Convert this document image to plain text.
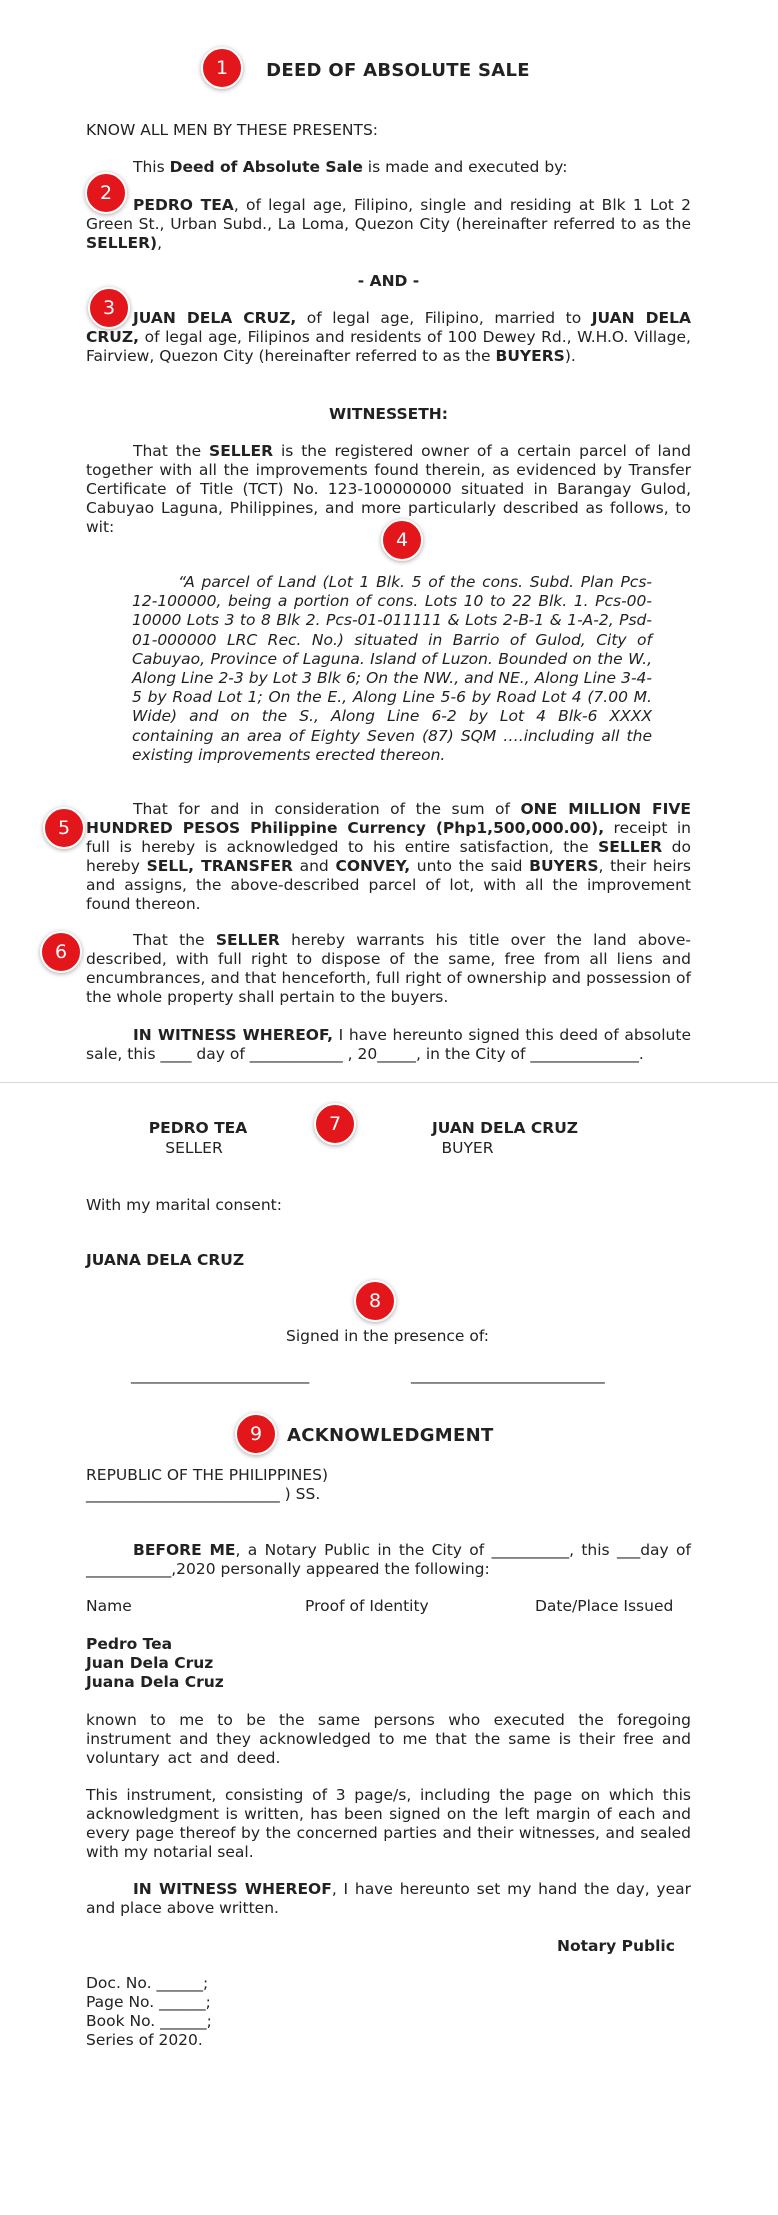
DEED OF ABSOLUTE SALE
1
KNOW ALL MEN BY THESE PRESENTS:
This Deed of Absolute Sale is made and executed by:
2
PEDRO TEA, of legal age, Filipino, single and residing at Blk 1 Lot 2 Green St., Urban Subd., La Loma, Quezon City (hereinafter referred to as the SELLER),
- AND -
3	JUAN DELA CRUZ, of legal age, Filipino, married to JUAN DELA CRUZ, of legal age, Filipinos and residents of 100 Dewey Rd., W.H.O. Village, Fairview, Quezon City (hereinafter referred to as the BUYERS).
WITNESSETH:
That the SELLER is the registered owner of a certain parcel of land together with all the improvements found therein, as evidenced by Transfer Certificate of Title (TCT) No. 123-100000000 situated in Barangay Gulod, Cabuyao Laguna, Philippines, and more particularly described as follows, to wit:
4
“A parcel of Land (Lot 1 Blk. 5 of the cons. Subd. Plan Pcs-12-100000, being a portion of cons. Lots 10 to 22 Blk. 1. Pcs-00-10000 Lots 3 to 8 Blk 2. Pcs-01-011111 & Lots 2-B-1 & 1-A-2, Psd-01-000000 LRC Rec. No.) situated in Barrio of Gulod, City of Cabuyao, Province of Laguna. Island of Luzon. Bounded on the W., Along Line 2-3 by Lot 3 Blk 6; On the NW., and NE., Along Line 3-4-5 by Road Lot 1; On the E., Along Line 5-6 by Road Lot 4 (7.00 M. Wide) and on the S., Along Line 6-2 by Lot 4 Blk-6 XXXX containing an area of Eighty Seven (87) SQM ….including all the existing improvements erected thereon.
5
That for and in consideration of the sum of ONE MILLION FIVE HUNDRED PESOS Philippine Currency (Php1,500,000.00), receipt in full is hereby is acknowledged to his entire satisfaction, the SELLER do hereby SELL, TRANSFER and CONVEY, unto the said BUYERS, their heirs and assigns, the above-described parcel of lot, with all the improvement found thereon.
6
That the SELLER hereby warrants his title over the land above-described, with full right to dispose of the same, free from all liens and encumbrances, and that henceforth, full right of ownership and possession of the whole property shall pertain to the buyers.
IN WITNESS WHEREOF, I have hereunto signed this deed of absolute sale, this ____ day of ____________ , 20_____, in the City of ______________.
7
PEDRO TEA
SELLER
JUAN DELA CRUZ
BUYER
With my marital consent:
JUANA DELA CRUZ
8
Signed in the presence of:
_______________________	_________________________
9	ACKNOWLEDGMENT
REPUBLIC OF THE PHILIPPINES)
_________________________ ) SS.
BEFORE ME, a Notary Public in the City of __________, this ___day of ___________,2020 personally appeared the following:
Name	Proof of Identity	Date/Place Issued
Pedro Tea
Juan Dela Cruz
Juana Dela Cruz
known to me to be the same persons who executed the foregoing instrument and they acknowledged to me that the same is their free and voluntary act and deed.
This instrument, consisting of 3 page/s, including the page on which this acknowledgment is written, has been signed on the left margin of each and every page thereof by the concerned parties and their witnesses, and sealed with my notarial seal.
IN WITNESS WHEREOF, I have hereunto set my hand the day, year and place above written.
Notary Public
Doc. No. ______;
Page No. ______;
Book No. ______;
Series of 2020.
